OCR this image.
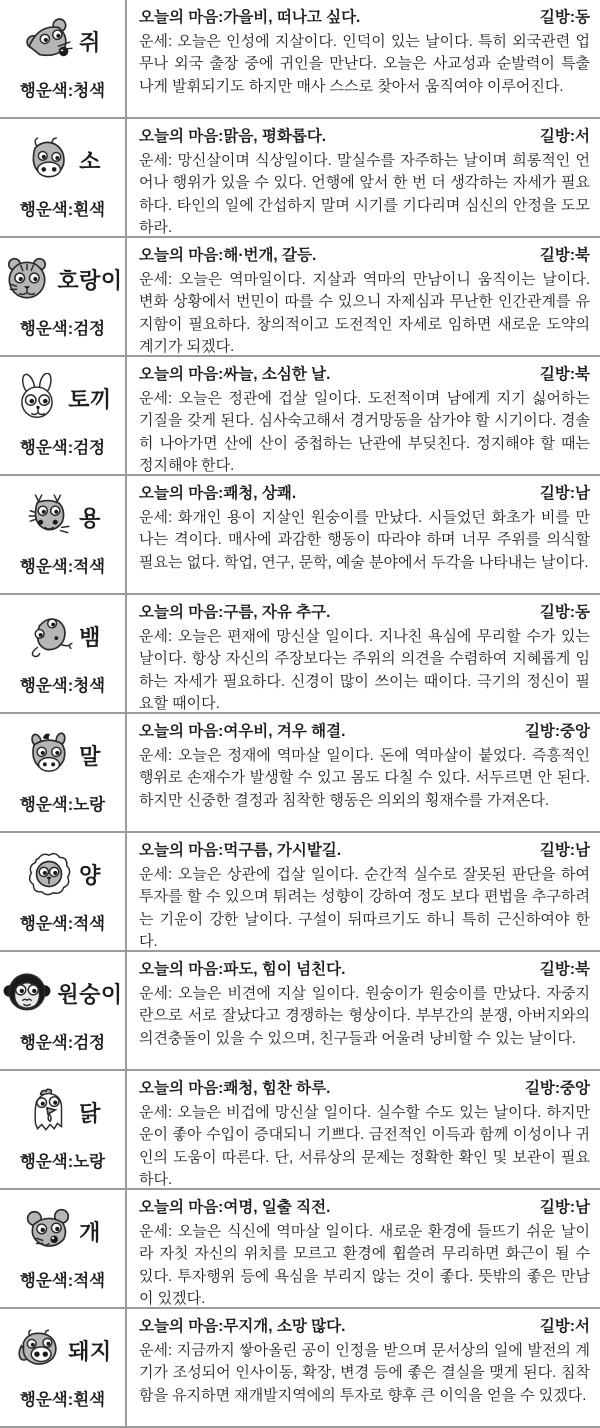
쥐
행운색:청색
오늘의 마음:가을비, 떠나고 싶다.	길방:동

운세: 오늘은 인성에 지살이다. 인덕이 있는 날이다. 특히 외국관련 업무나 외국 출장 중에 귀인을 만난다. 오늘은 사교성과 순발력이 특출 나게 발휘되기도 하지만 매사 스스로 찾아서 움직여야 이루어진다.

소
행운색:흰색
오늘의 마음:맑음, 평화롭다.	길방:서

운세: 망신살이며 식상일이다. 말실수를 자주하는 날이며 희롱적인 언어나 행위가 있을 수 있다. 언행에 앞서 한 번 더 생각하는 자세가 필요하다. 타인의 일에 간섭하지 말며 시기를 기다리며 심신의 안정을 도모하라.

호랑이
행운색:검정
오늘의 마음:해·번개, 갈등.	길방:북

운세: 오늘은 역마일이다. 지살과 역마의 만남이니 움직이는 날이다. 변화 상황에서 번민이 따를 수 있으니 자제심과 무난한 인간관계를 유지함이 필요하다. 창의적이고 도전적인 자세로 임하면 새로운 도약의 계기가 되겠다.

토끼
행운색:검정
오늘의 마음:싸늘, 소심한 날.	길방:북

운세: 오늘은 정관에 겁살 일이다. 도전적이며 남에게 지기 싫어하는 기질을 갖게 된다. 심사숙고해서 경거망동을 삼가야 할 시기이다. 경솔히 나아가면 산에 산이 중첩하는 난관에 부딪친다. 정지해야 할 때는 정지해야 한다.

용
행운색:적색
오늘의 마음:쾌청, 상쾌.	길방:남

운세: 화개인 용이 지살인 원숭이를 만났다. 시들었던 화초가 비를 만나는 격이다. 매사에 과감한 행동이 따라야 하며 너무 주위를 의식할 필요는 없다. 학업, 연구, 문학, 예술 분야에서 두각을 나타내는 날이다.

뱀
행운색:청색
오늘의 마음:구름, 자유 추구.	길방:동

운세: 오늘은 편재에 망신살 일이다. 지나친 욕심에 무리할 수가 있는 날이다. 항상 자신의 주장보다는 주위의 의견을 수렴하여 지혜롭게 임하는 자세가 필요하다. 신경이 많이 쓰이는 때이다. 극기의 정신이 필요할 때이다.

말
행운색:노랑
오늘의 마음:여우비, 겨우 해결.	길방:중앙

운세: 오늘은 정재에 역마살 일이다. 돈에 역마살이 붙었다. 즉흥적인 행위로 손재수가 발생할 수 있고 몸도 다칠 수 있다. 서두르면 안 된다. 하지만 신중한 결정과 침착한 행동은 의외의 횡재수를 가져온다.

양
행운색:적색
오늘의 마음:먹구름, 가시밭길.	길방:남

운세: 오늘은 상관에 겁살 일이다. 순간적 실수로 잘못된 판단을 하여 투자를 할 수 있으며 튀려는 성향이 강하여 정도 보다 편법을 추구하려는 기운이 강한 날이다. 구설이 뒤따르기도 하니 특히 근신하여야 한다.

원숭이
행운색:검정
오늘의 마음:파도, 힘이 넘친다.	길방:북

운세: 오늘은 비견에 지살 일이다. 원숭이가 원숭이를 만났다. 자중지란으로 서로 잘났다고 경쟁하는 형상이다. 부부간의 분쟁, 아버지와의 의견충돌이 있을 수 있으며, 친구들과 어울려 낭비할 수 있는 날이다.

닭
행운색:노랑
오늘의 마음:쾌청, 힘찬 하루.	길방:중앙

운세: 오늘은 비겁에 망신살 일이다. 실수할 수도 있는 날이다. 하지만 운이 좋아 수입이 증대되니 기쁘다. 금전적인 이득과 함께 이성이나 귀인의 도움이 따른다. 단, 서류상의 문제는 정확한 확인 및 보관이 필요하다.

개
행운색:적색
오늘의 마음:여명, 일출 직전.	길방:남

운세: 오늘은 식신에 역마살 일이다. 새로운 환경에 들뜨기 쉬운 날이라 자칫 자신의 위치를 모르고 환경에 휩쓸려 무리하면 화근이 될 수 있다. 투자행위 등에 욕심을 부리지 않는 것이 좋다. 뜻밖의 좋은 만남이 있겠다.

돼지
행운색:흰색
오늘의 마음:무지개, 소망 많다.	길방:서

운세: 지금까지 쌓아올린 공이 인정을 받으며 문서상의 일에 발전의 계기가 조성되어 인사이동, 확장, 변경 등에 좋은 결실을 맺게 된다. 침착함을 유지하면 재개발지역에의 투자로 향후 큰 이익을 얻을 수 있겠다.
